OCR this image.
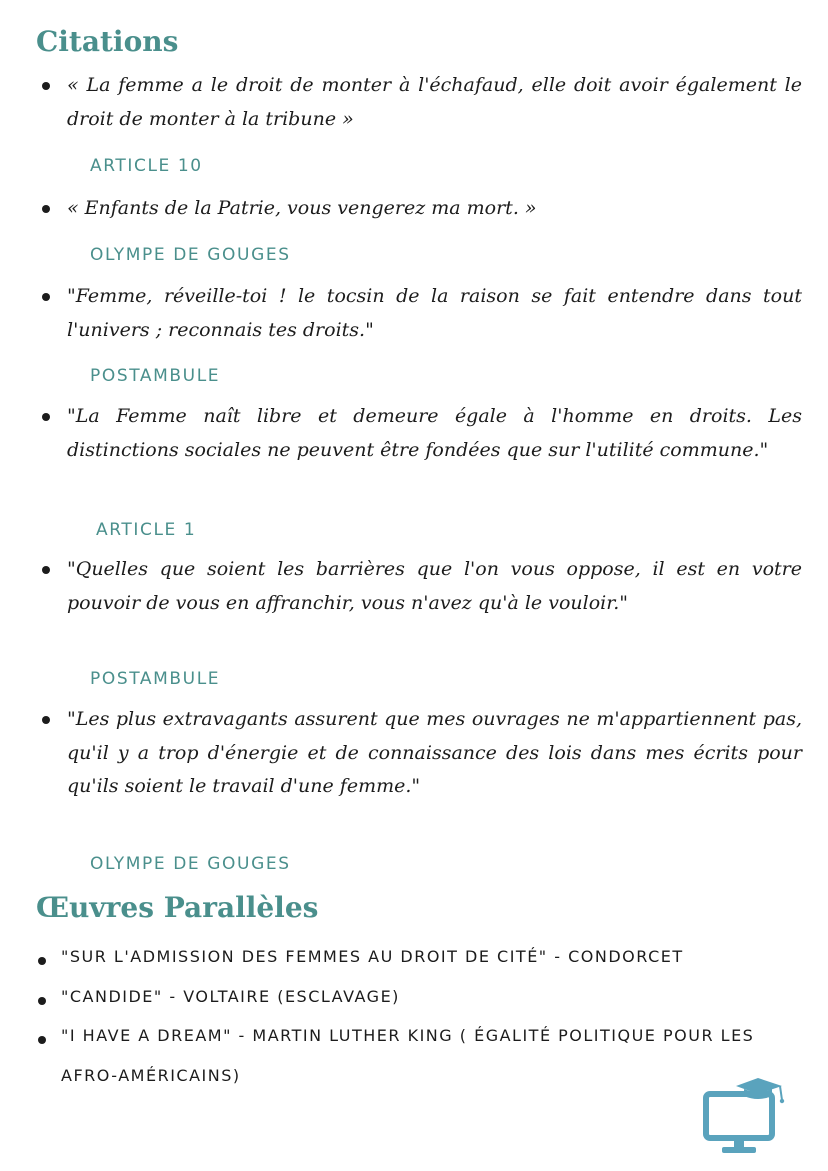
Citations
« La femme a le droit de monter à l'échafaud, elle doit avoir également le droit de monter à la tribune »
ARTICLE 10
« Enfants de la Patrie, vous vengerez ma mort. »
OLYMPE DE GOUGES
"Femme, réveille-toi ! le tocsin de la raison se fait entendre dans tout l'univers ; reconnais tes droits."
POSTAMBULE
"La Femme naît libre et demeure égale à l'homme en droits. Les distinctions sociales ne peuvent être fondées que sur l'utilité commune."
ARTICLE 1
"Quelles que soient les barrières que l'on vous oppose, il est en votre pouvoir de vous en affranchir, vous n'avez qu'à le vouloir."
POSTAMBULE
"Les plus extravagants assurent que mes ouvrages ne m'appartiennent pas, qu'il y a trop d'énergie et de connaissance des lois dans mes écrits pour qu'ils soient le travail d'une femme."
OLYMPE DE GOUGES
Œuvres Parallèles
"SUR L'ADMISSION DES FEMMES AU DROIT DE CITÉ" - CONDORCET
"CANDIDE" - VOLTAIRE (ESCLAVAGE)
"I HAVE A DREAM" - MARTIN LUTHER KING ( ÉGALITÉ POLITIQUE POUR LES AFRO-AMÉRICAINS)
